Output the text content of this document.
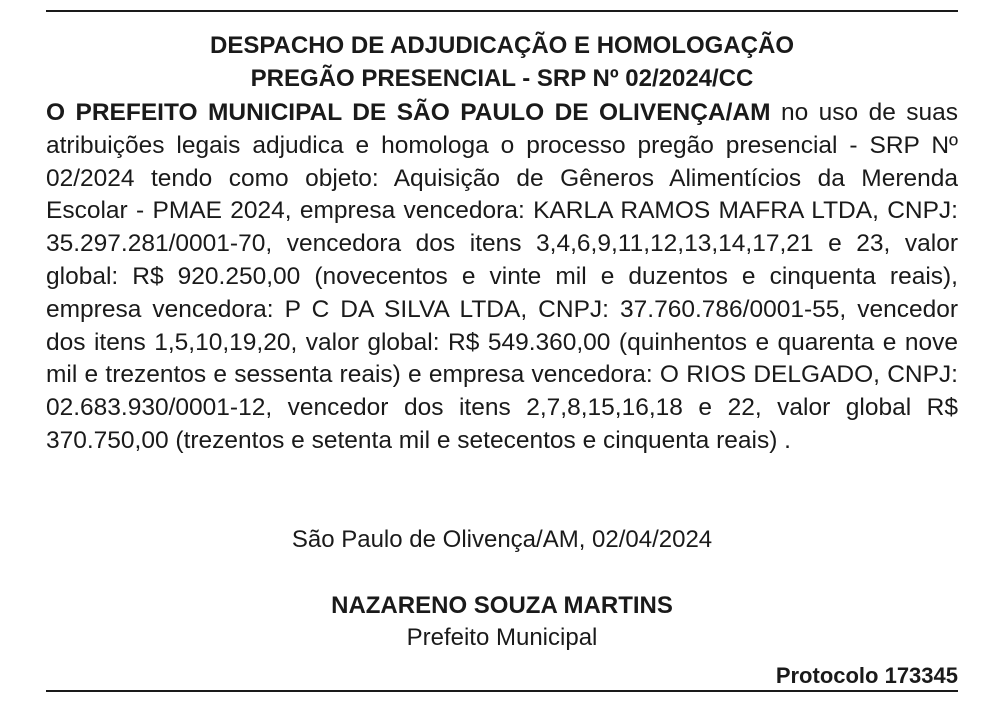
DESPACHO DE ADJUDICAÇÃO E HOMOLOGAÇÃO
PREGÃO PRESENCIAL - SRP Nº 02/2024/CC

O PREFEITO MUNICIPAL DE SÃO PAULO DE OLIVENÇA/AM no uso de suas atribuições legais adjudica e homologa o processo pregão presencial - SRP Nº 02/2024 tendo como objeto: Aquisição de Gêneros Alimentícios da Merenda Escolar - PMAE 2024, empresa vencedora: KARLA RAMOS MAFRA LTDA, CNPJ: 35.297.281/0001-70, vencedora dos itens 3,4,6,9,11,12,13,14,17,21 e 23, valor global: R$ 920.250,00 (novecentos e vinte mil e duzentos e cinquenta reais), empresa vencedora: P C DA SILVA LTDA, CNPJ: 37.760.786/0001-55, vencedor dos itens 1,5,10,19,20, valor global: R$ 549.360,00 (quinhentos e quarenta e nove mil e trezentos e sessenta reais) e empresa vencedora: O RIOS DELGADO, CNPJ: 02.683.930/0001-12, vencedor dos itens 2,7,8,15,16,18 e 22, valor global R$ 370.750,00 (trezentos e setenta mil e setecentos e cinquenta reais) .

São Paulo de Olivença/AM, 02/04/2024
NAZARENO SOUZA MARTINS
Prefeito Municipal
Protocolo 173345
